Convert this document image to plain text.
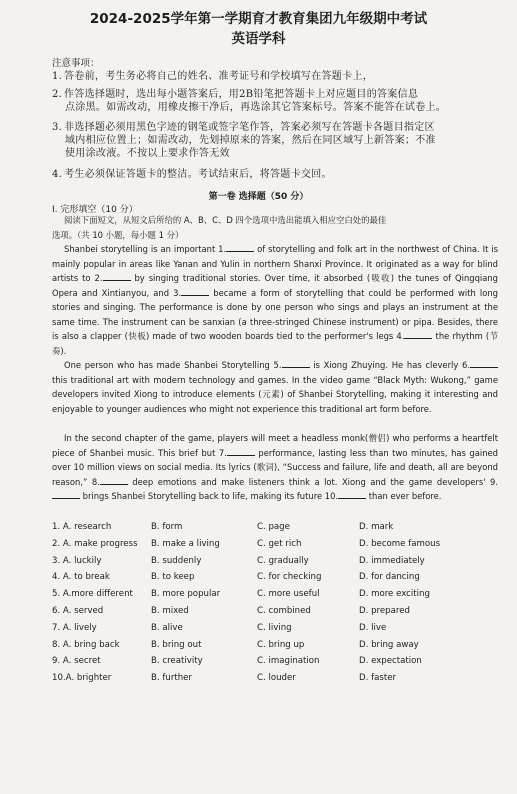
2024-2025学年第一学期育才教育集团九年级期中考试
英语学科
注意事项：
1. 答卷前，考生务必将自己的姓名、准考证号和学校填写在答题卡上，
2. 作答选择题时，选出每小题答案后，用2B铅笔把答题卡上对应题目的答案信息
点涂黑。如需改动，用橡皮擦干净后，再选涂其它答案标号。答案不能答在试卷上。
3. 非选择题必须用黑色字迹的钢笔或签字笔作答，答案必须写在答题卡各题目指定区
域内相应位置上；如需改动，先划掉原来的答案，然后在同区域写上新答案；不准
使用涂改液。不按以上要求作答无效
4. 考生必须保证答题卡的整洁。考试结束后，将答题卡交回。
第一卷 选择题（50 分）
I. 完形填空（10 分）
阅读下面短文，从短文后所给的 A、B、C、D 四个选项中选出能填入相应空白处的最佳
选项。（共 10 小题，每小题 1 分）
Shanbei storytelling is an important 1.	of storytelling and folk art in the northwest of China. It is mainly popular in areas like Yanan and Yulin in northern Shanxi Province. It originated as a way for blind artists to 2.	by singing traditional stories. Over time, it absorbed (吸收) the tunes of Qingqiang Opera and Xintianyou, and 3.	became a form of storytelling that could be performed with long stories and singing. The performance is done by one person who sings and plays an instrument at the same time. The instrument can be sanxian (a three-stringed Chinese instrument) or pipa. Besides, there is also a clapper (快板) made of two wooden boards tied to the performer's legs 4.	the rhythm (节奏).
One person who has made Shanbei Storytelling 5.	is Xiong Zhuying. He has cleverly 6. this traditional art with modern technology and games. In the video game “Black Myth: Wukong,” game developers invited Xiong to introduce elements (元素) of Shanbei Storytelling, making it interesting and enjoyable to younger audiences who might not experience this traditional art form before.
In the second chapter of the game, players will meet a headless monk(僧侣) who performs a heartfelt piece of Shanbei music. This brief but 7.	performance, lasting less than two minutes, has gained over 10 million views on social media. Its lyrics (歌词), “Success and failure, life and death, all are beyond reason,” 8.	deep emotions and make listeners think a lot. Xiong and the game developers' 9. brings Shanbei Storytelling back to life, making its future 10.	than ever before.
1. A. research	B. form	C. page	D. mark
2. A. make progress B. make a living	C. get rich	D. become famous
3. A. luckily	B. suddenly	C. gradually	D. immediately
4. A. to break	B. to keep	C. for checking	D. for dancing
5. A.more different B. more popular	C. more useful	D. more exciting
6. A. served	B. mixed	C. combined	D. prepared
7. A. lively	B. alive	C. living	D. live
8. A. bring back	B. bring out	C. bring up	D. bring away
9. A. secret	B. creativity	C. imagination	D. expectation
10.A. brighter	B. further	C. louder	D. faster
